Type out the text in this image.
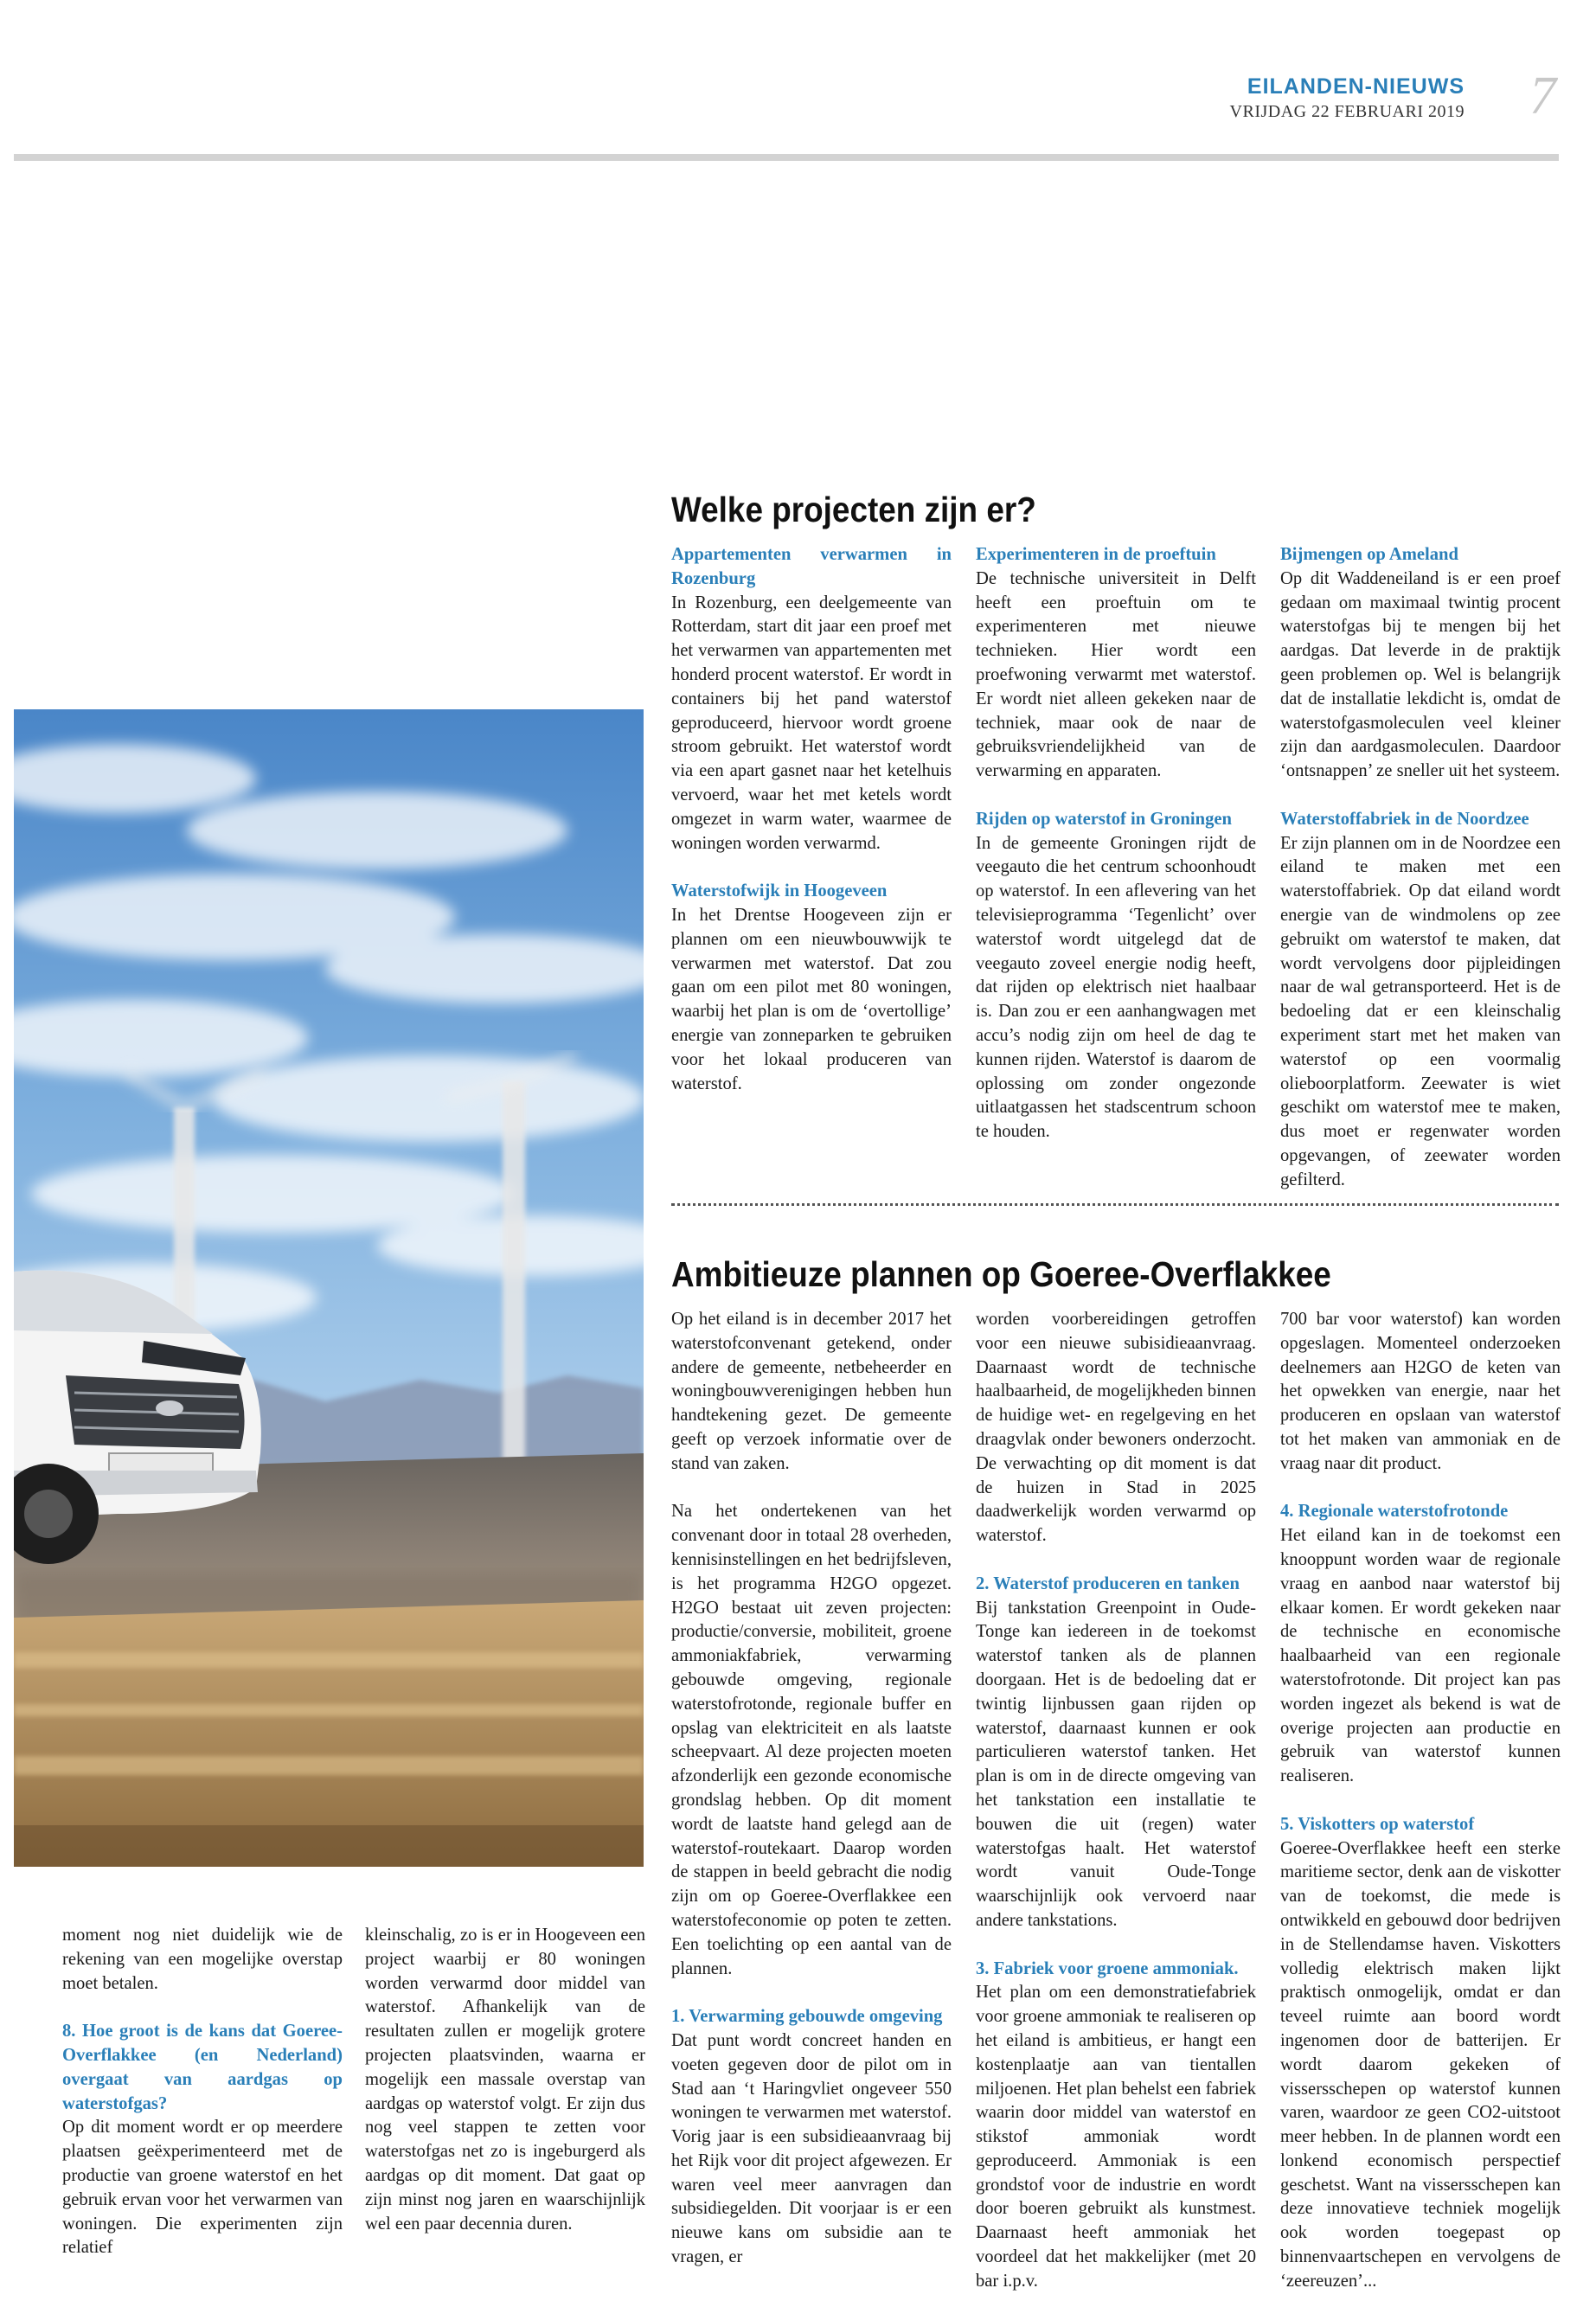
EILANDEN-NIEUWS
VRIJDAG 22 FEBRUARI 2019 7
Welke projecten zijn er?

Appartementen verwarmen in Rozenburg
In Rozenburg, een deelgemeente van Rotterdam, start dit jaar een proef met het verwarmen van appartementen met honderd procent waterstof. Er wordt in containers bij het pand waterstof geproduceerd, hiervoor wordt groene stroom gebruikt. Het waterstof wordt via een apart gasnet naar het ketelhuis vervoerd, waar het met ketels wordt omgezet in warm water, waarmee de woningen worden verwarmd.

Waterstofwijk in Hoogeveen
In het Drentse Hoogeveen zijn er plannen om een nieuwbouwwijk te verwarmen met waterstof. Dat zou gaan om een pilot met 80 woningen, waarbij het plan is om de ‘overtollige’ energie van zonneparken te gebruiken voor het lokaal produceren van waterstof.

Experimenteren in de proeftuin
De technische universiteit in Delft heeft een proeftuin om te experimenteren met nieuwe technieken. Hier wordt een proefwoning verwarmt met waterstof. Er wordt niet alleen gekeken naar de techniek, maar ook de naar de gebruiksvriendelijkheid van de verwarming en apparaten.

Rijden op waterstof in Groningen
In de gemeente Groningen rijdt de veegauto die het centrum schoonhoudt op waterstof. In een aflevering van het televisieprogramma ‘Tegenlicht’ over waterstof wordt uitgelegd dat de veegauto zoveel energie nodig heeft, dat rijden op elektrisch niet haalbaar is. Dan zou er een aanhangwagen met accu’s nodig zijn om heel de dag te kunnen rijden. Waterstof is daarom de oplossing om zonder ongezonde uitlaatgassen het stadscentrum schoon te houden.

Bijmengen op Ameland
Op dit Waddeneiland is er een proef gedaan om maximaal twintig procent waterstofgas bij te mengen bij het aardgas. Dat leverde in de praktijk geen problemen op. Wel is belangrijk dat de installatie lekdicht is, omdat de waterstofgasmoleculen veel kleiner zijn dan aardgasmoleculen. Daardoor ‘ontsnappen’ ze sneller uit het systeem.

Waterstoffabriek in de Noordzee
Er zijn plannen om in de Noordzee een eiland te maken met een waterstoffabriek. Op dat eiland wordt energie van de windmolens op zee gebruikt om waterstof te maken, dat wordt vervolgens door pijpleidingen naar de wal getransporteerd. Het is de bedoeling dat er een kleinschalig experiment start met het maken van waterstof op een voormalig olieboorplatform. Zeewater is wiet geschikt om waterstof mee te maken, dus moet er regenwater worden opgevangen, of zeewater worden gefilterd.

Ambitieuze plannen op Goeree-Overflakkee

Op het eiland is in december 2017 het waterstofconvenant getekend, onder andere de gemeente, netbeheerder en woningbouwverenigingen hebben hun handtekening gezet. De gemeente geeft op verzoek informatie over de stand van zaken.

Na het ondertekenen van het convenant door in totaal 28 overheden, kennisinstellingen en het bedrijfsleven, is het programma H2GO opgezet. H2GO bestaat uit zeven projecten: productie/conversie, mobiliteit, groene ammoniakfabriek, verwarming gebouwde omgeving, regionale waterstofrotonde, regionale buffer en opslag van elektriciteit en als laatste scheepvaart. Al deze projecten moeten afzonderlijk een gezonde economische grondslag hebben. Op dit moment wordt de laatste hand gelegd aan de waterstof-routekaart. Daarop worden de stappen in beeld gebracht die nodig zijn om op Goeree-Overflakkee een waterstofeconomie op poten te zetten. Een toelichting op een aantal van de plannen.

1. Verwarming gebouwde omgeving
Dat punt wordt concreet handen en voeten gegeven door de pilot om in Stad aan ‘t Haringvliet ongeveer 550 woningen te verwarmen met waterstof. Vorig jaar is een subsidieaanvraag bij het Rijk voor dit project afgewezen. Er waren veel meer aanvragen dan subsidiegelden. Dit voorjaar is er een nieuwe kans om subsidie aan te vragen, er

worden voorbereidingen getroffen voor een nieuwe subisidieaanvraag. Daarnaast wordt de technische haalbaarheid, de mogelijkheden binnen de huidige wet- en regelgeving en het draagvlak onder bewoners onderzocht. De verwachting op dit moment is dat de huizen in Stad in 2025 daadwerkelijk worden verwarmd op waterstof.

2. Waterstof produceren en tanken
Bij tankstation Greenpoint in Oude-Tonge kan iedereen in de toekomst waterstof tanken als de plannen doorgaan. Het is de bedoeling dat er twintig lijnbussen gaan rijden op waterstof, daarnaast kunnen er ook particulieren waterstof tanken. Het plan is om in de directe omgeving van het tankstation een installatie te bouwen die uit (regen) water waterstofgas haalt. Het waterstof wordt vanuit Oude-Tonge waarschijnlijk ook vervoerd naar andere tankstations.

3. Fabriek voor groene ammoniak.
Het plan om een demonstratiefabriek voor groene ammoniak te realiseren op het eiland is ambitieus, er hangt een kostenplaatje aan van tientallen miljoenen. Het plan behelst een fabriek waarin door middel van waterstof en stikstof ammoniak wordt geproduceerd. Ammoniak is een grondstof voor de industrie en wordt door boeren gebruikt als kunstmest. Daarnaast heeft ammoniak het voordeel dat het makkelijker (met 20 bar i.p.v.

700 bar voor waterstof) kan worden opgeslagen. Momenteel onderzoeken deelnemers aan H2GO de keten van het opwekken van energie, naar het produceren en opslaan van waterstof tot het maken van ammoniak en de vraag naar dit product.

4. Regionale waterstofrotonde
Het eiland kan in de toekomst een knooppunt worden waar de regionale vraag en aanbod naar waterstof bij elkaar komen. Er wordt gekeken naar de technische en economische haalbaarheid van een regionale waterstofrotonde. Dit project kan pas worden ingezet als bekend is wat de overige projecten aan productie en gebruik van waterstof kunnen realiseren.

5. Viskotters op waterstof
Goeree-Overflakkee heeft een sterke maritieme sector, denk aan de viskotter van de toekomst, die mede is ontwikkeld en gebouwd door bedrijven in de Stellendamse haven. Viskotters volledig elektrisch maken lijkt praktisch onmogelijk, omdat er dan teveel ruimte aan boord wordt ingenomen door de batterijen. Er wordt daarom gekeken of vissersschepen op waterstof kunnen varen, waardoor ze geen CO2-uitstoot meer hebben. In de plannen wordt een lonkend economisch perspectief geschetst. Want na vissersschepen kan deze innovatieve techniek mogelijk ook worden toegepast op binnenvaartschepen en vervolgens de ‘zeereuzen’...

moment nog niet duidelijk wie de rekening van een mogelijke overstap moet betalen.

8. Hoe groot is de kans dat Goeree-Overflakkee (en Nederland) overgaat van aardgas op waterstofgas?
Op dit moment wordt er op meerdere plaatsen geëxperimenteerd met de productie van groene waterstof en het gebruik ervan voor het verwarmen van woningen. Die experimenten zijn relatief

kleinschalig, zo is er in Hoogeveen een project waarbij er 80 woningen worden verwarmd door middel van waterstof. Afhankelijk van de resultaten zullen er mogelijk grotere projecten plaatsvinden, waarna er mogelijk een massale overstap van aardgas op waterstof volgt. Er zijn dus nog veel stappen te zetten voor waterstofgas net zo is ingeburgerd als aardgas op dit moment. Dat gaat op zijn minst nog jaren en waarschijnlijk wel een paar decennia duren.
